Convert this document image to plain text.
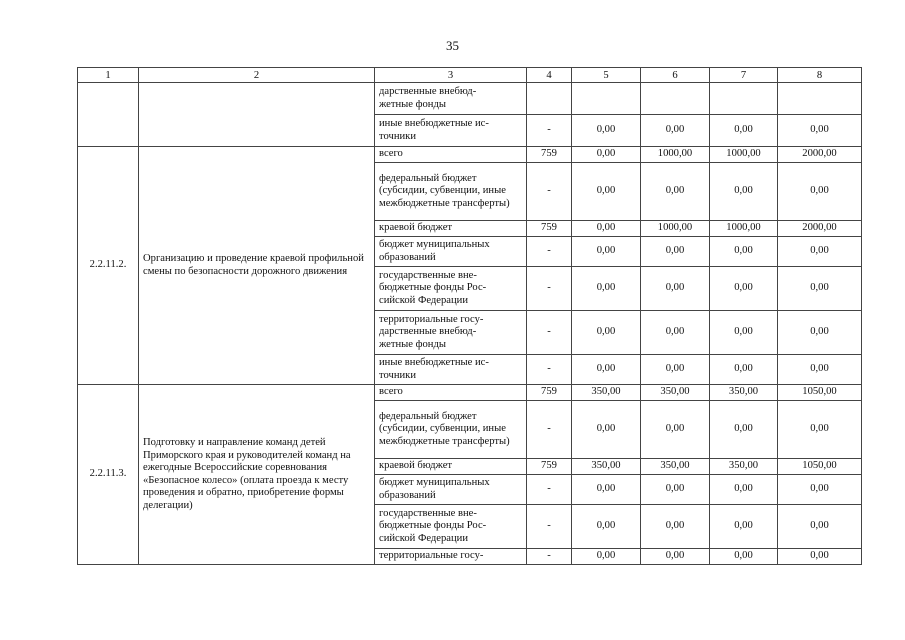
35
1	2	3	4	5	6	7	8
		дарственные внебюд-
жетные фонды					
		иные внебюджетные ис-
точники	-	0,00	0,00	0,00	0,00
2.2.11.2.	Организацию и проведение краевой профильной смены по безопасности дорожного движения	всего	759	0,00	1000,00	1000,00	2000,00
		федеральный бюджет (субсидии, субвенции, иные межбюджетные трансферты)	-	0,00	0,00	0,00	0,00
		краевой бюджет	759	0,00	1000,00	1000,00	2000,00
		бюджет муниципальных образований	-	0,00	0,00	0,00	0,00
		государственные вне-
бюджетные фонды Рос-
сийской Федерации	-	0,00	0,00	0,00	0,00
		территориальные госу-
дарственные внебюд-
жетные фонды	-	0,00	0,00	0,00	0,00
		иные внебюджетные ис-
точники	-	0,00	0,00	0,00	0,00
2.2.11.3.	Подготовку и направление команд детей Приморского края и руководителей команд на ежегодные Всероссийские соревнования «Безопасное колесо» (оплата проезда к месту проведения и обратно, приобретение формы делегации)	всего	759	350,00	350,00	350,00	1050,00
		федеральный бюджет (субсидии, субвенции, иные межбюджетные трансферты)	-	0,00	0,00	0,00	0,00
		краевой бюджет	759	350,00	350,00	350,00	1050,00
		бюджет муниципальных образований	-	0,00	0,00	0,00	0,00
		государственные вне-
бюджетные фонды Рос-
сийской Федерации	-	0,00	0,00	0,00	0,00
		территориальные госу-	-	0,00	0,00	0,00	0,00
